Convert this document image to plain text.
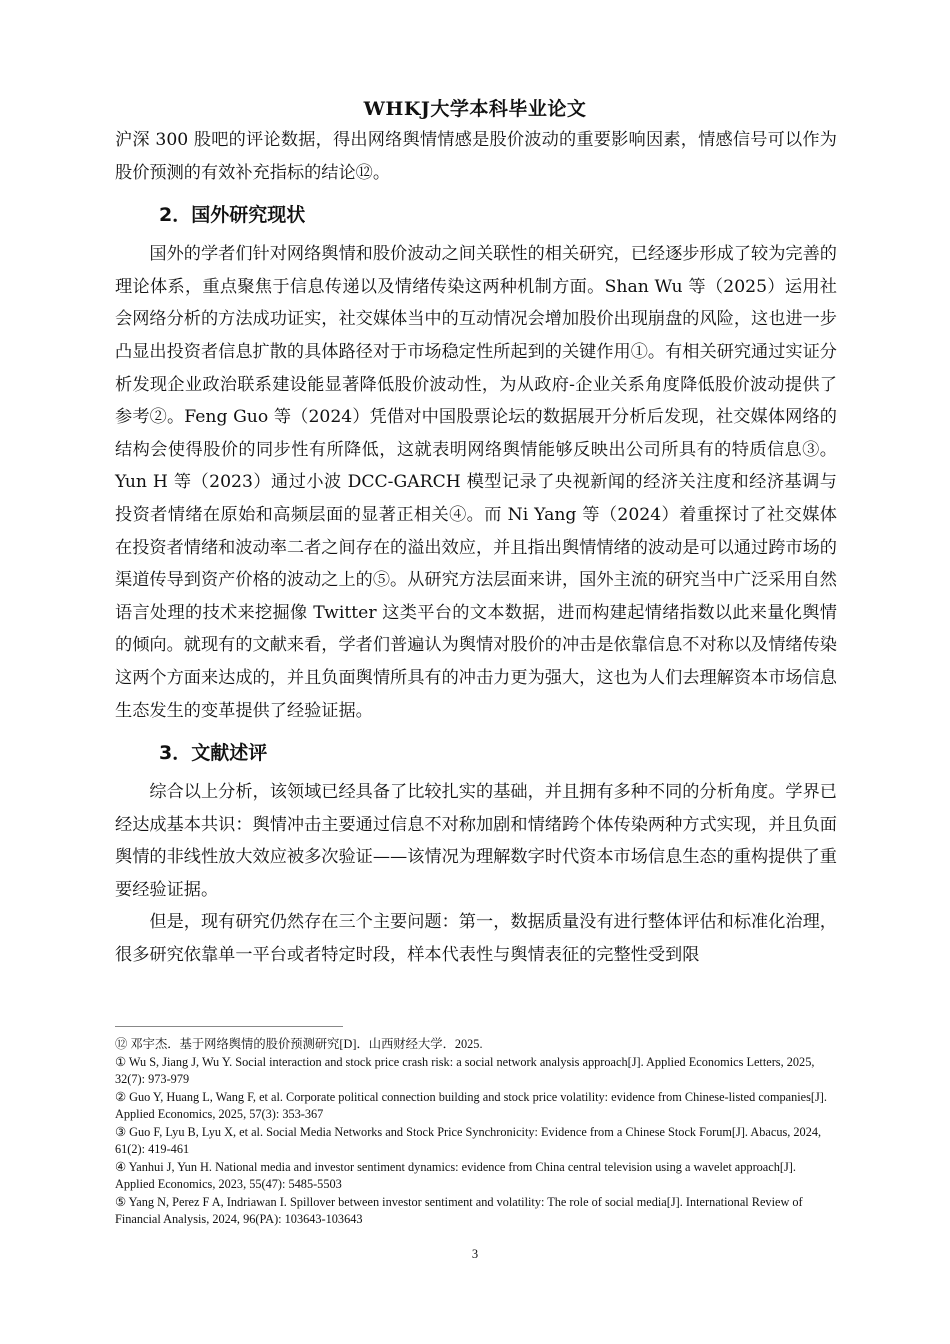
WHKJ大学本科毕业论文

沪深 300 股吧的评论数据，得出网络舆情情感是股价波动的重要影响因素，情感信号可以作为股价预测的有效补充指标的结论⑫。

2．国外研究现状

国外的学者们针对网络舆情和股价波动之间关联性的相关研究，已经逐步形成了较为完善的理论体系，重点聚焦于信息传递以及情绪传染这两种机制方面。Shan Wu 等（2025）运用社会网络分析的方法成功证实，社交媒体当中的互动情况会增加股价出现崩盘的风险，这也进一步凸显出投资者信息扩散的具体路径对于市场稳定性所起到的关键作用①。有相关研究通过实证分析发现企业政治联系建设能显著降低股价波动性，为从政府-企业关系角度降低股价波动提供了参考②。Feng Guo 等（2024）凭借对中国股票论坛的数据展开分析后发现，社交媒体网络的结构会使得股价的同步性有所降低，这就表明网络舆情能够反映出公司所具有的特质信息③。Yun H 等（2023）通过小波 DCC-GARCH 模型记录了央视新闻的经济关注度和经济基调与投资者情绪在原始和高频层面的显著正相关④。而 Ni Yang 等（2024）着重探讨了社交媒体在投资者情绪和波动率二者之间存在的溢出效应，并且指出舆情情绪的波动是可以通过跨市场的渠道传导到资产价格的波动之上的⑤。从研究方法层面来讲，国外主流的研究当中广泛采用自然语言处理的技术来挖掘像 Twitter 这类平台的文本数据，进而构建起情绪指数以此来量化舆情的倾向。就现有的文献来看，学者们普遍认为舆情对股价的冲击是依靠信息不对称以及情绪传染这两个方面来达成的，并且负面舆情所具有的冲击力更为强大，这也为人们去理解资本市场信息生态发生的变革提供了经验证据。

3．文献述评

综合以上分析，该领域已经具备了比较扎实的基础，并且拥有多种不同的分析角度。学界已经达成基本共识：舆情冲击主要通过信息不对称加剧和情绪跨个体传染两种方式实现，并且负面舆情的非线性放大效应被多次验证——该情况为理解数字时代资本市场信息生态的重构提供了重要经验证据。

但是，现有研究仍然存在三个主要问题：第一，数据质量没有进行整体评估和标准化治理，很多研究依靠单一平台或者特定时段，样本代表性与舆情表征的完整性受到限

⑫ 邓宇杰．基于网络舆情的股价预测研究[D]．山西财经大学．2025.

① Wu S, Jiang J, Wu Y. Social interaction and stock price crash risk: a social network analysis approach[J]. Applied Economics Letters, 2025, 32(7): 973-979

② Guo Y, Huang L, Wang F, et al. Corporate political connection building and stock price volatility: evidence from Chinese-listed companies[J]. Applied Economics, 2025, 57(3): 353-367

③ Guo F, Lyu B, Lyu X, et al. Social Media Networks and Stock Price Synchronicity: Evidence from a Chinese Stock Forum[J]. Abacus, 2024, 61(2): 419-461

④ Yanhui J, Yun H. National media and investor sentiment dynamics: evidence from China central television using a wavelet approach[J]. Applied Economics, 2023, 55(47): 5485-5503

⑤ Yang N, Perez F A, Indriawan I. Spillover between investor sentiment and volatility: The role of social media[J]. International Review of Financial Analysis, 2024, 96(PA): 103643-103643

3
